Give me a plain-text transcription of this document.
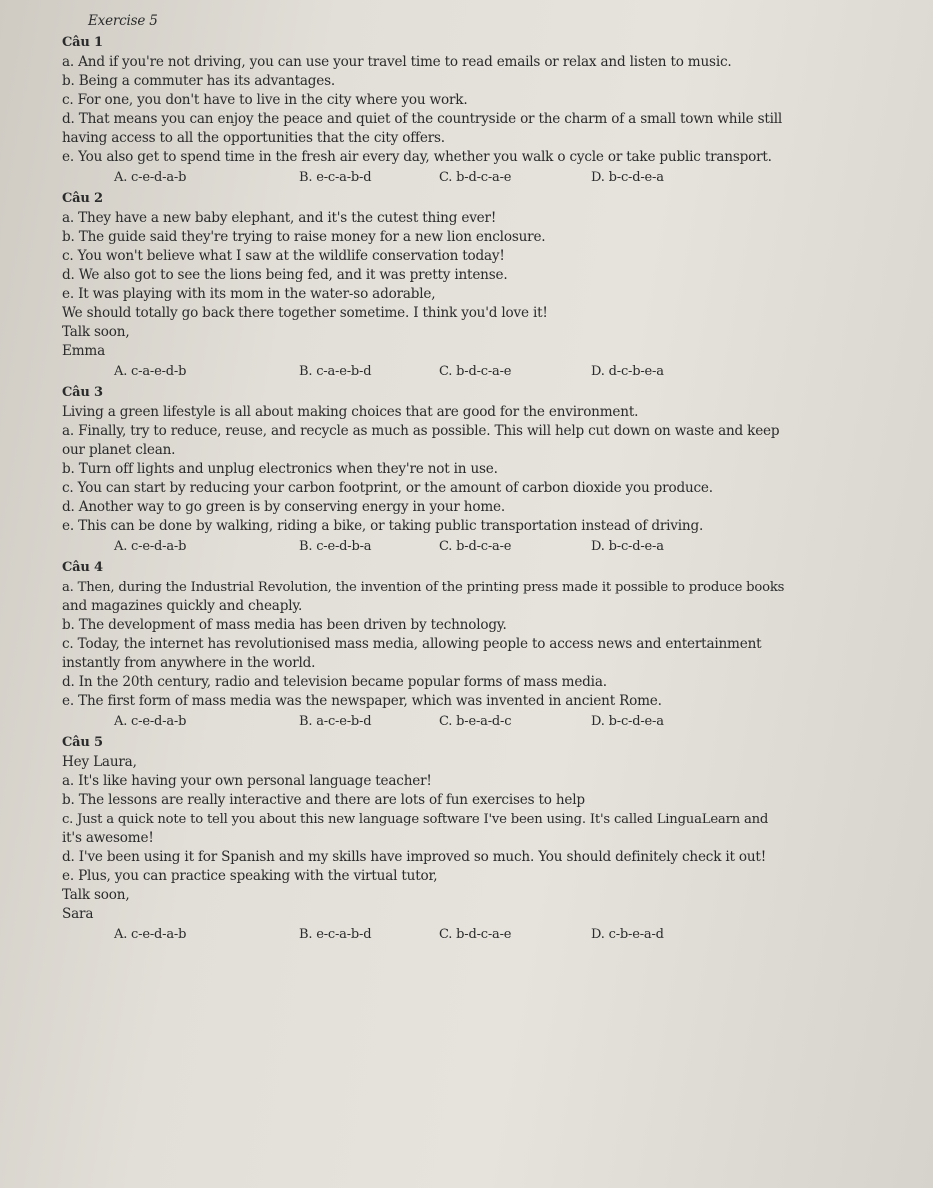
Exercise 5
Câu 1
a. And if you're not driving, you can use your travel time to read emails or relax and listen to music.
b. Being a commuter has its advantages.
c. For one, you don't have to live in the city where you work.
d. That means you can enjoy the peace and quiet of the countryside or the charm of a small town while still
having access to all the opportunities that the city offers.
e. You also get to spend time in the fresh air every day, whether you walk o cycle or take public transport.
A. c-e-d-a-b	B. e-c-a-b-d	C. b-d-c-a-e	D. b-c-d-e-a
Câu 2
a. They have a new baby elephant, and it's the cutest thing ever!
b. The guide said they're trying to raise money for a new lion enclosure.
c. You won't believe what I saw at the wildlife conservation today!
d. We also got to see the lions being fed, and it was pretty intense.
e. It was playing with its mom in the water-so adorable,
We should totally go back there together sometime. I think you'd love it!
Talk soon,
Emma
A. c-a-e-d-b	B. c-a-e-b-d	C. b-d-c-a-e	D. d-c-b-e-a
Câu 3
Living a green lifestyle is all about making choices that are good for the environment.
a. Finally, try to reduce, reuse, and recycle as much as possible. This will help cut down on waste and keep
our planet clean.
b. Turn off lights and unplug electronics when they're not in use.
c. You can start by reducing your carbon footprint, or the amount of carbon dioxide you produce.
d. Another way to go green is by conserving energy in your home.
e. This can be done by walking, riding a bike, or taking public transportation instead of driving.
A. c-e-d-a-b	B. c-e-d-b-a	C. b-d-c-a-e	D. b-c-d-e-a
Câu 4
a. Then, during the Industrial Revolution, the invention of the printing press made it possible to produce books
and magazines quickly and cheaply.
b. The development of mass media has been driven by technology.
c. Today, the internet has revolutionised mass media, allowing people to access news and entertainment
instantly from anywhere in the world.
d. In the 20th century, radio and television became popular forms of mass media.
e. The first form of mass media was the newspaper, which was invented in ancient Rome.
A. c-e-d-a-b	B. a-c-e-b-d	C. b-e-a-d-c	D. b-c-d-e-a
Câu 5
Hey Laura,
a. It's like having your own personal language teacher!
b. The lessons are really interactive and there are lots of fun exercises to help
c. Just a quick note to tell you about this new language software I've been using. It's called LinguaLearn and
it's awesome!
d. I've been using it for Spanish and my skills have improved so much. You should definitely check it out!
e. Plus, you can practice speaking with the virtual tutor,
Talk soon,
Sara
A. c-e-d-a-b	B. e-c-a-b-d	C. b-d-c-a-e	D. c-b-e-a-d
